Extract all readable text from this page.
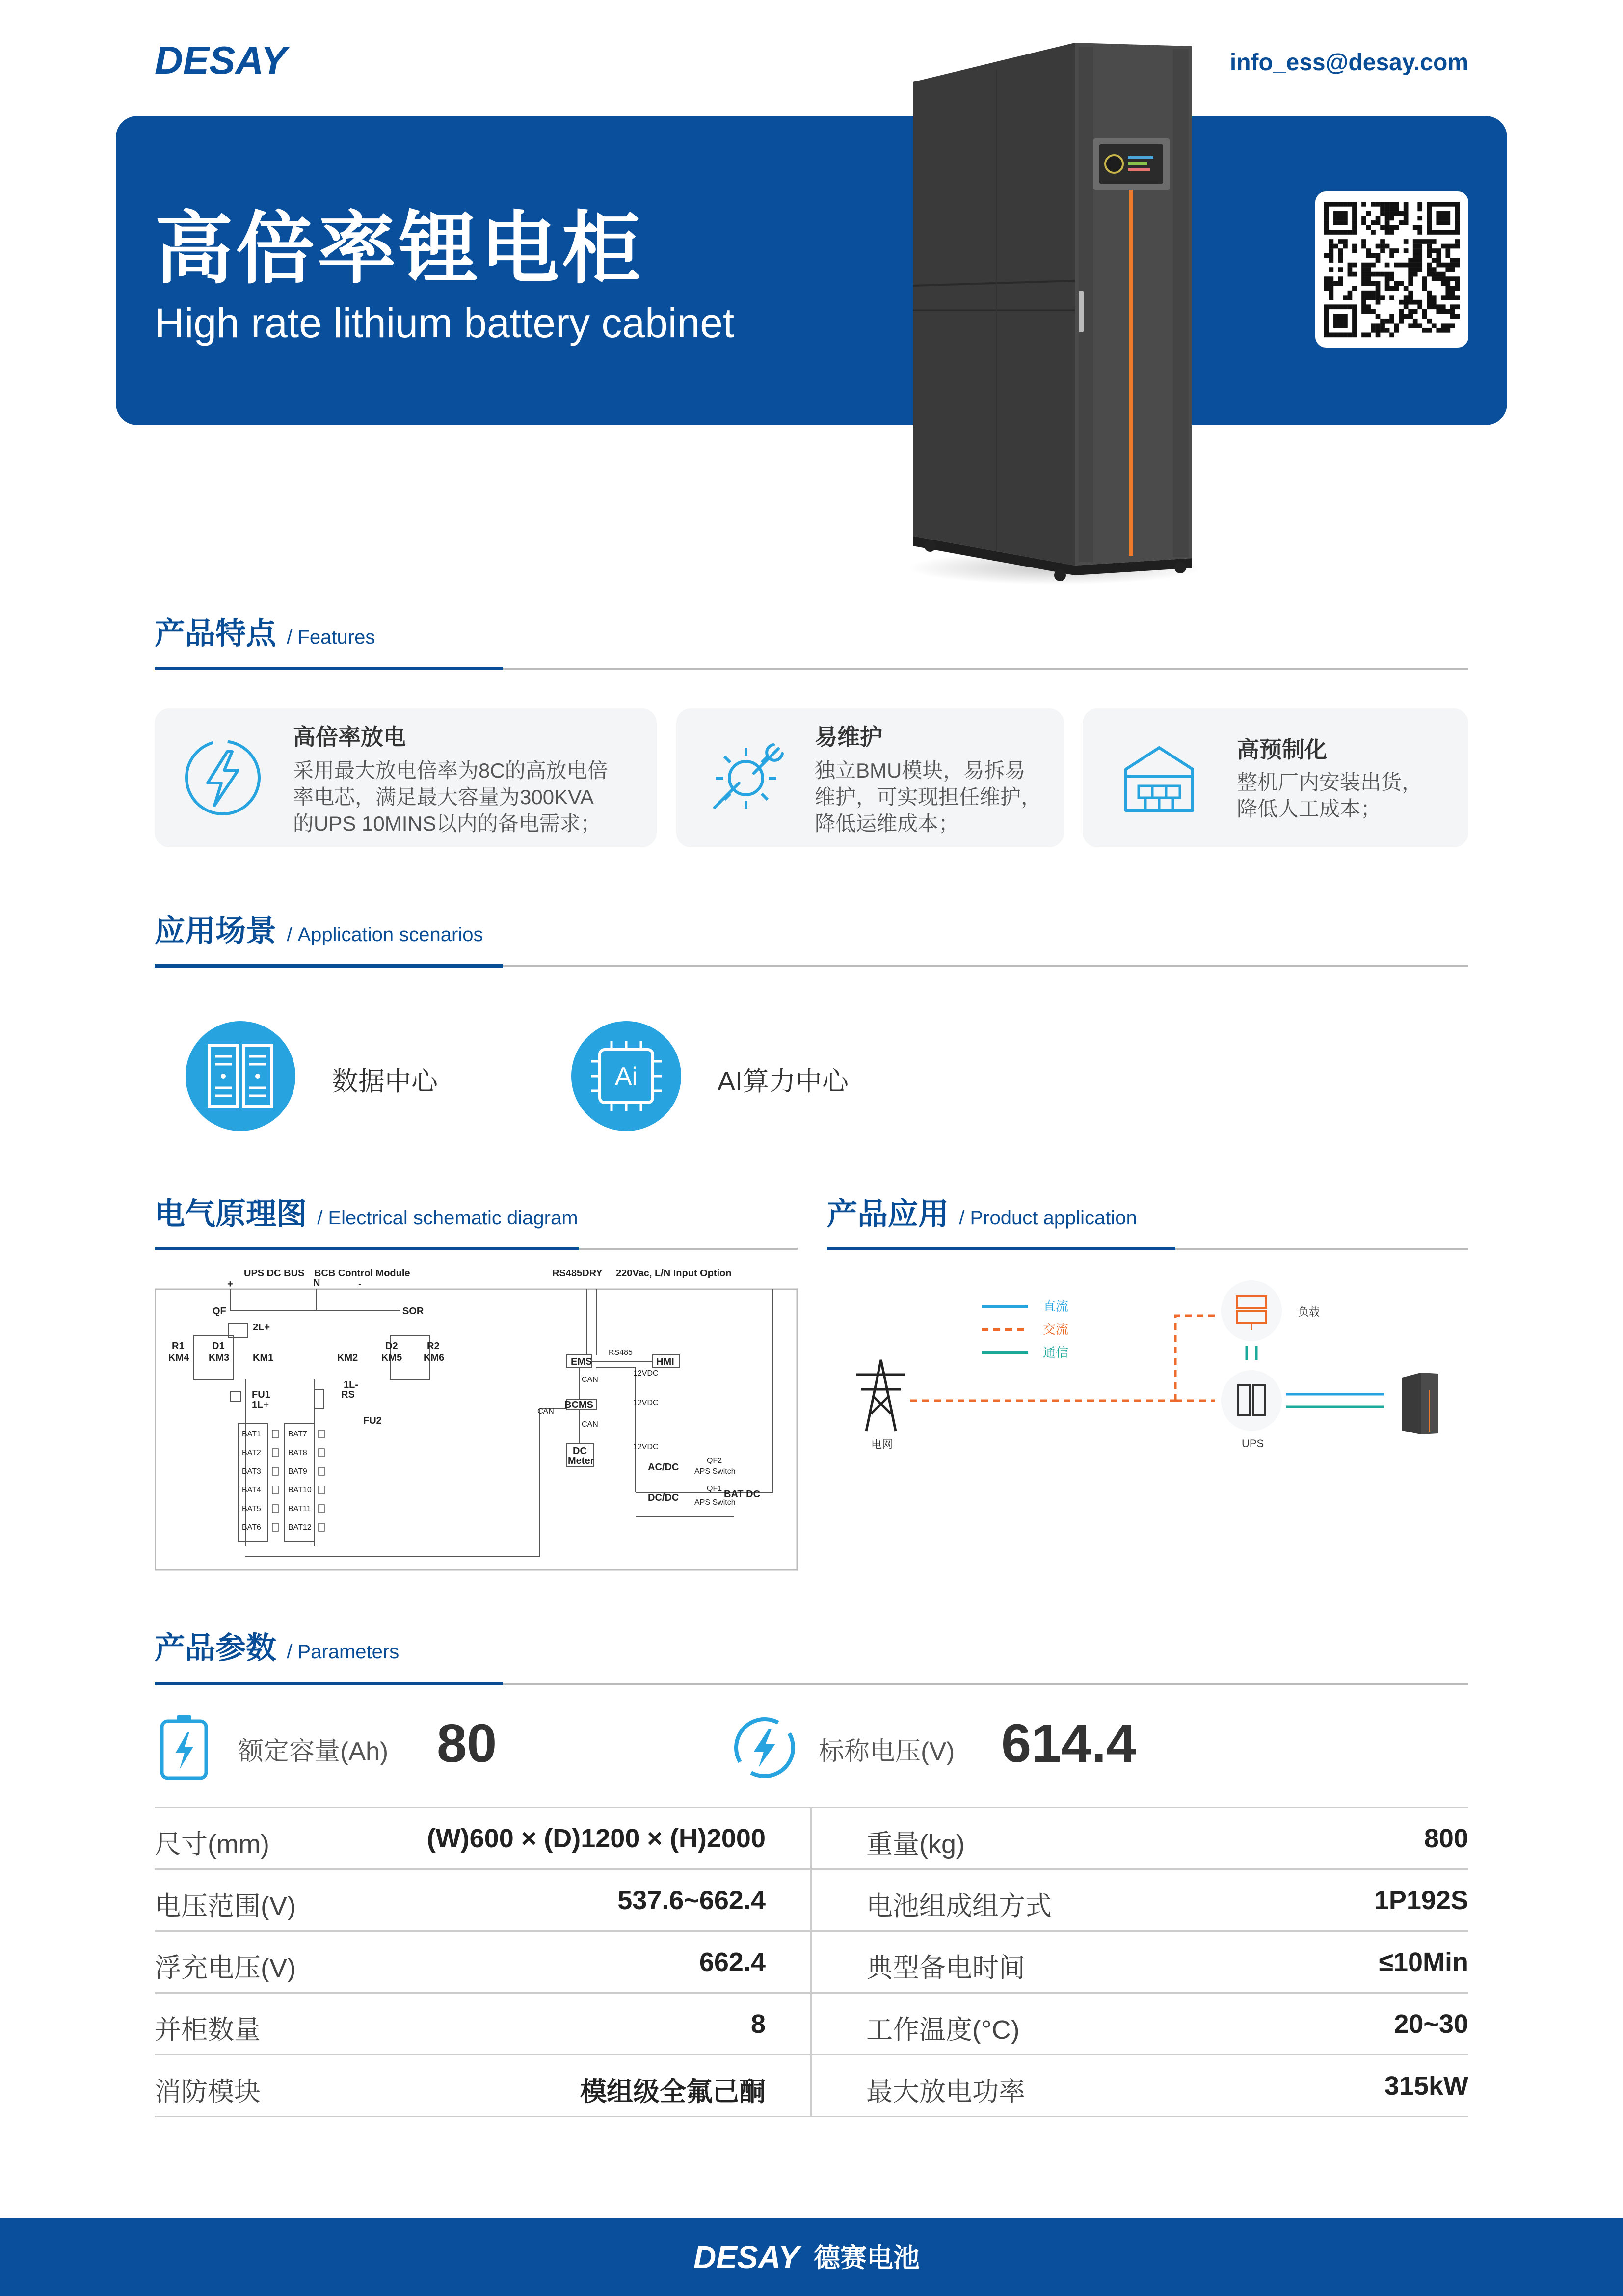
DESAY	info_ess@desay.com
高倍率锂电柜
High rate lithium battery cabinet
产品特点 / Features
高倍率放电
采用最大放电倍率为8C的高放电倍
率电芯，满足最大容量为300KVA
的UPS 10MINS以内的备电需求；
易维护
独立BMU模块，易拆易
维护，可实现担任维护，
降低运维成本；
高预制化
整机厂内安装出货，
降低人工成本；
应用场景 / Application scenarios
数据中心	Ai	AI算力中心
电气原理图 / Electrical schematic diagram
UPS DC BUS BCB Control Module	RS485DRY 220Vac, L/N Input Option
+	N	-
QF	SOR
2L+
R1
KM4
D1
KM3 KM1	KM2
D2
KM5
R2
KM6
FU1
1L+
1L-
RS
FU2
EMS	HMI
BCMS
DC
Meter
AC/DC
DC/DC	BAT DC
RS485
CAN
CAN
CAN
12VDC
12VDC
12VDC
QF2
APS Switch
QF1
APS Switch
BAT1
BAT2
BAT3
BAT4
BAT5
BAT6
BAT7
BAT8
BAT9
BAT10
BAT11
BAT12
产品应用 / Product application
直流
交流
通信
电网
负载
UPS
产品参数 / Parameters
额定容量(Ah) 80	标称电压(V) 614.4
尺寸(mm)	(W)600 × (D)1200 × (H)2000	重量(kg)	800
电压范围(V)	537.6~662.4	电池组成组方式	1P192S
浮充电压(V)	662.4	典型备电时间	≤10Min
并柜数量	8	工作温度(°C)	20~30
消防模块	模组级全氟己酮	最大放电功率	315kW
DESAY 德赛电池
